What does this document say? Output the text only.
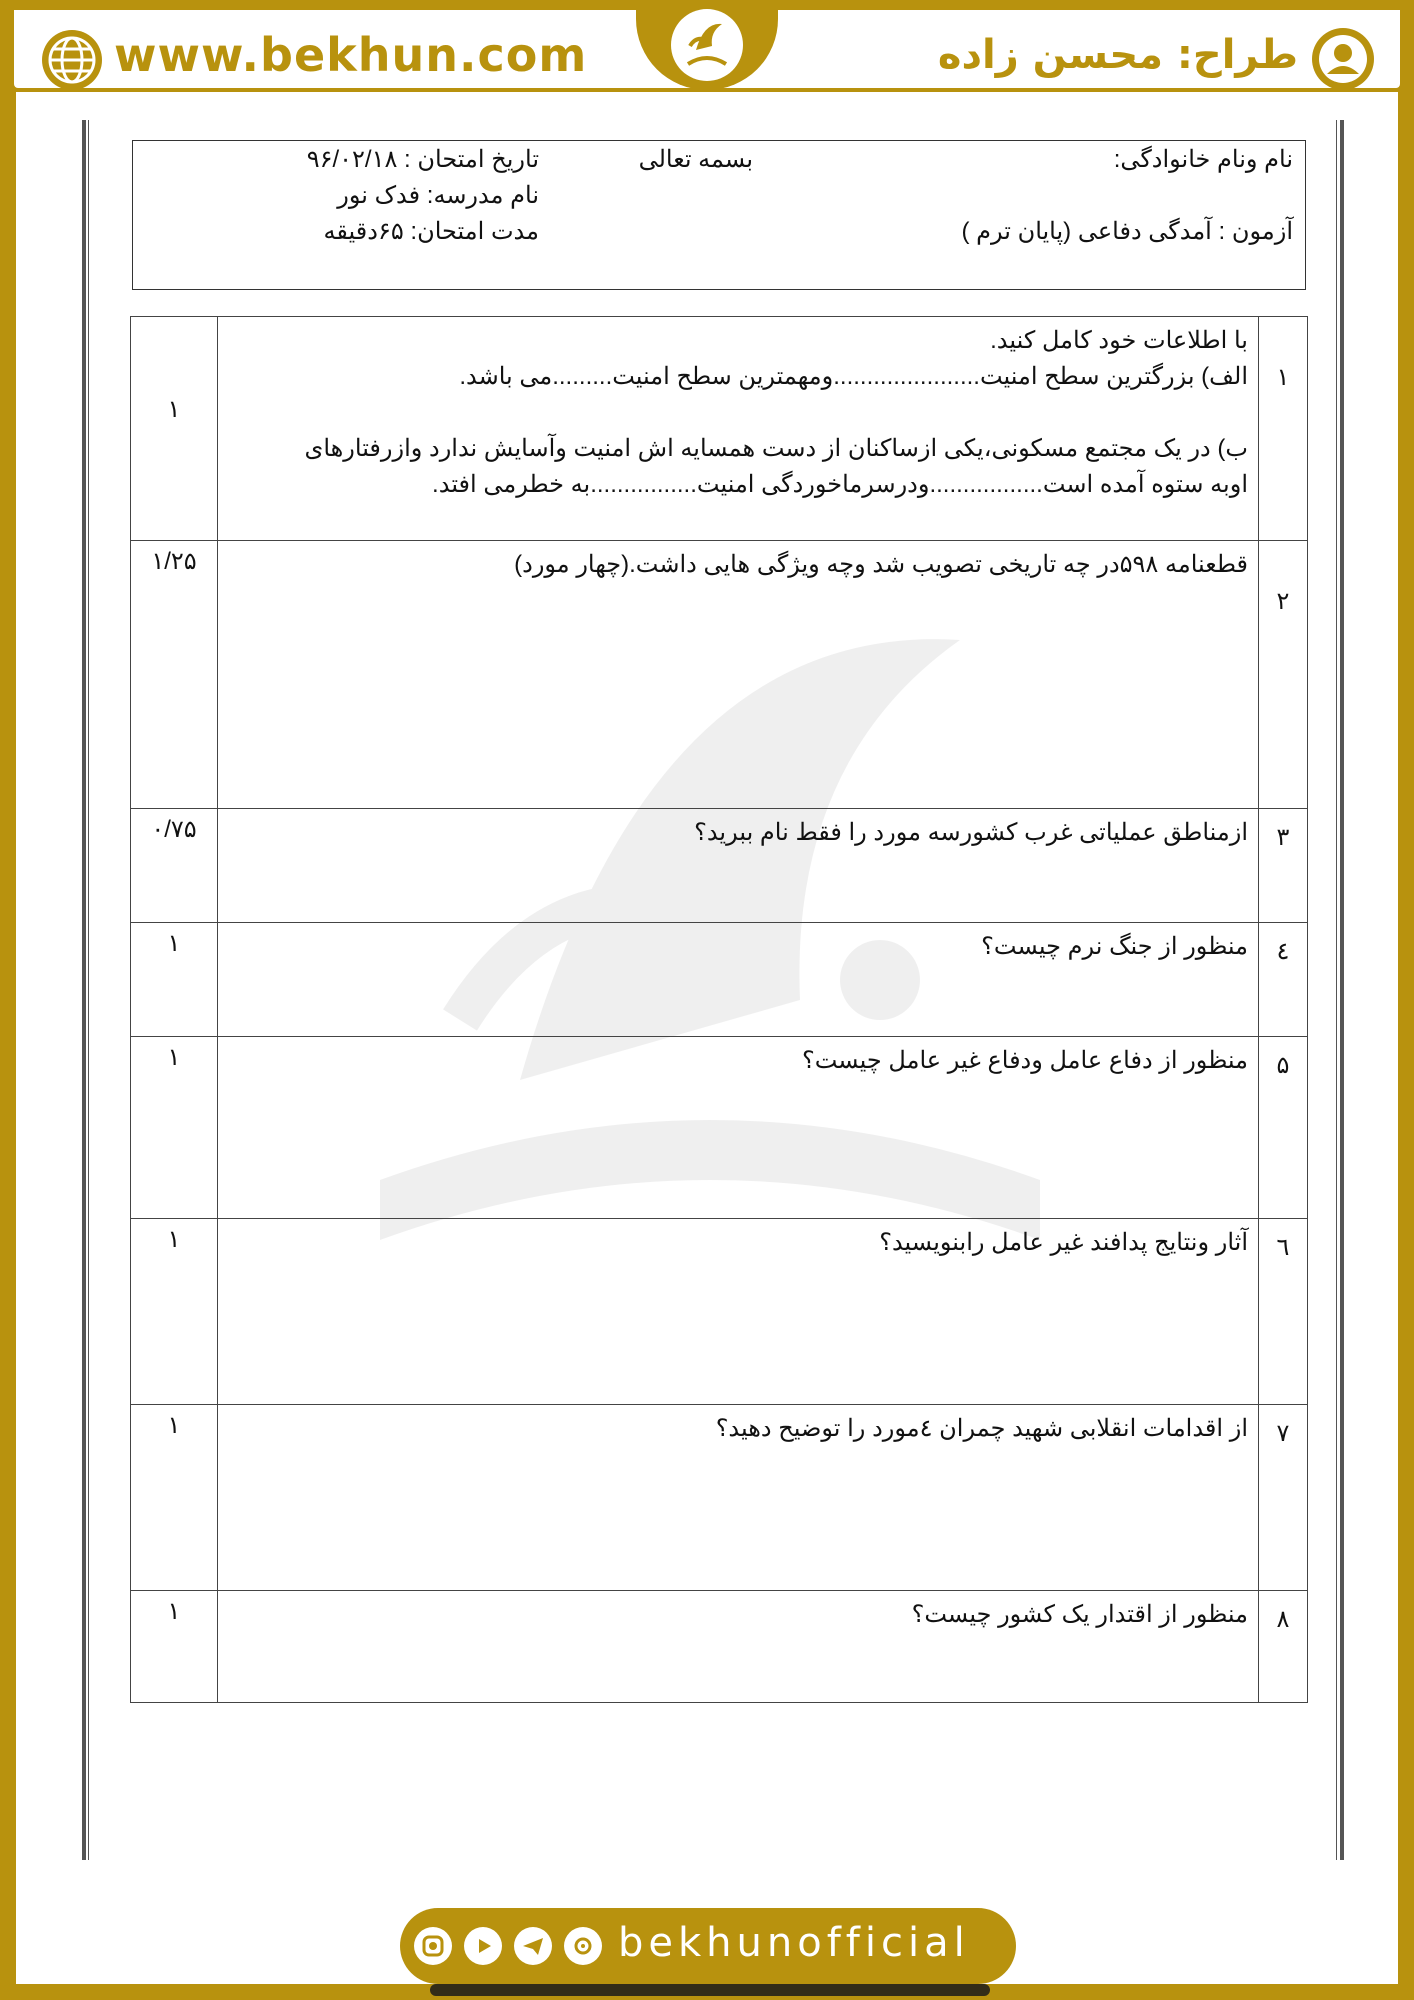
www.bekhun.com	طراح: محسن زاده
نام ونام خانوادگی:
بسمه تعالی
تاریخ امتحان : ۹۶/۰۲/۱۸
نام مدرسه: فدک نور
آزمون : آمدگی دفاعی (پایان ترم )
مدت امتحان: ۶۵دقیقه
۱	با اطلاعات خود کامل کنید.
الف) بزرگترین سطح امنیت......................ومهمترین سطح امنیت.........می باشد.
ب) در یک مجتمع مسکونی،یکی ازساکنان از دست همسایه اش امنیت وآسایش ندارد وازرفتارهای
اوبه ستوه آمده است.................ودرسرماخوردگی امنیت................به خطرمی افتد.	۱
۲	قطعنامه ۵۹۸در چه تاریخی تصویب شد وچه ویژگی هایی داشت.(چهار مورد)	۱/۲۵
۳	ازمناطق عملیاتی غرب کشورسه مورد را فقط نام ببرید؟	۰/۷۵
٤	منظور از جنگ نرم چیست؟	۱
۵	منظور از دفاع عامل ودفاع غیر عامل چیست؟	۱
٦	آثار ونتایج پدافند غیر عامل رابنویسید؟	۱
۷	از اقدامات انقلابی شهید چمران ٤مورد را توضیح دهید؟	۱
۸	منظور از اقتدار یک کشور چیست؟	۱
bekhunofficial
